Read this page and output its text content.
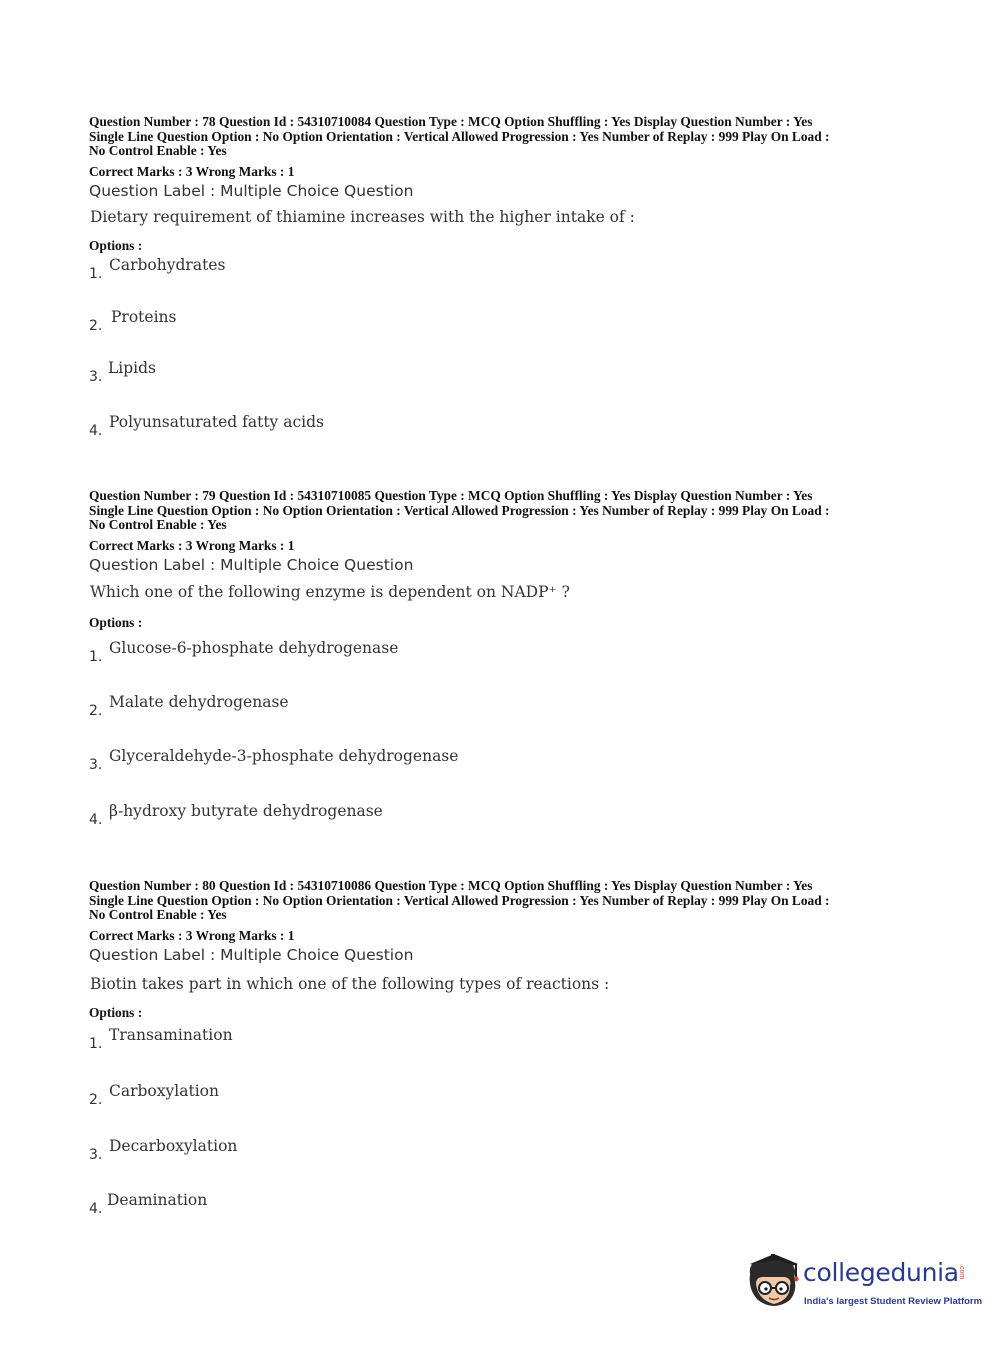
Question Number : 78 Question Id : 54310710084 Question Type : MCQ Option Shuffling : Yes Display Question Number : Yes
Single Line Question Option : No Option Orientation : Vertical Allowed Progression : Yes Number of Replay : 999 Play On Load :
No Control Enable : Yes

Correct Marks : 3 Wrong Marks : 1
Question Label : Multiple Choice Question
Dietary requirement of thiamine increases with the higher intake of :
Options :
1. Carbohydrates
2. Proteins
3. Lipids
4. Polyunsaturated fatty acids

Question Number : 79 Question Id : 54310710085 Question Type : MCQ Option Shuffling : Yes Display Question Number : Yes
Single Line Question Option : No Option Orientation : Vertical Allowed Progression : Yes Number of Replay : 999 Play On Load :
No Control Enable : Yes

Correct Marks : 3 Wrong Marks : 1
Question Label : Multiple Choice Question
Which one of the following enzyme is dependent on NADP⁺ ?
Options :
1. Glucose-6-phosphate dehydrogenase
2. Malate dehydrogenase
3. Glyceraldehyde-3-phosphate dehydrogenase
4. β-hydroxy butyrate dehydrogenase

Question Number : 80 Question Id : 54310710086 Question Type : MCQ Option Shuffling : Yes Display Question Number : Yes
Single Line Question Option : No Option Orientation : Vertical Allowed Progression : Yes Number of Replay : 999 Play On Load :
No Control Enable : Yes

Correct Marks : 3 Wrong Marks : 1
Question Label : Multiple Choice Question
Biotin takes part in which one of the following types of reactions :
Options :
1. Transamination
2. Carboxylation
3. Decarboxylation
4. Deamination
collegedunia .com
India's largest Student Review Platform
